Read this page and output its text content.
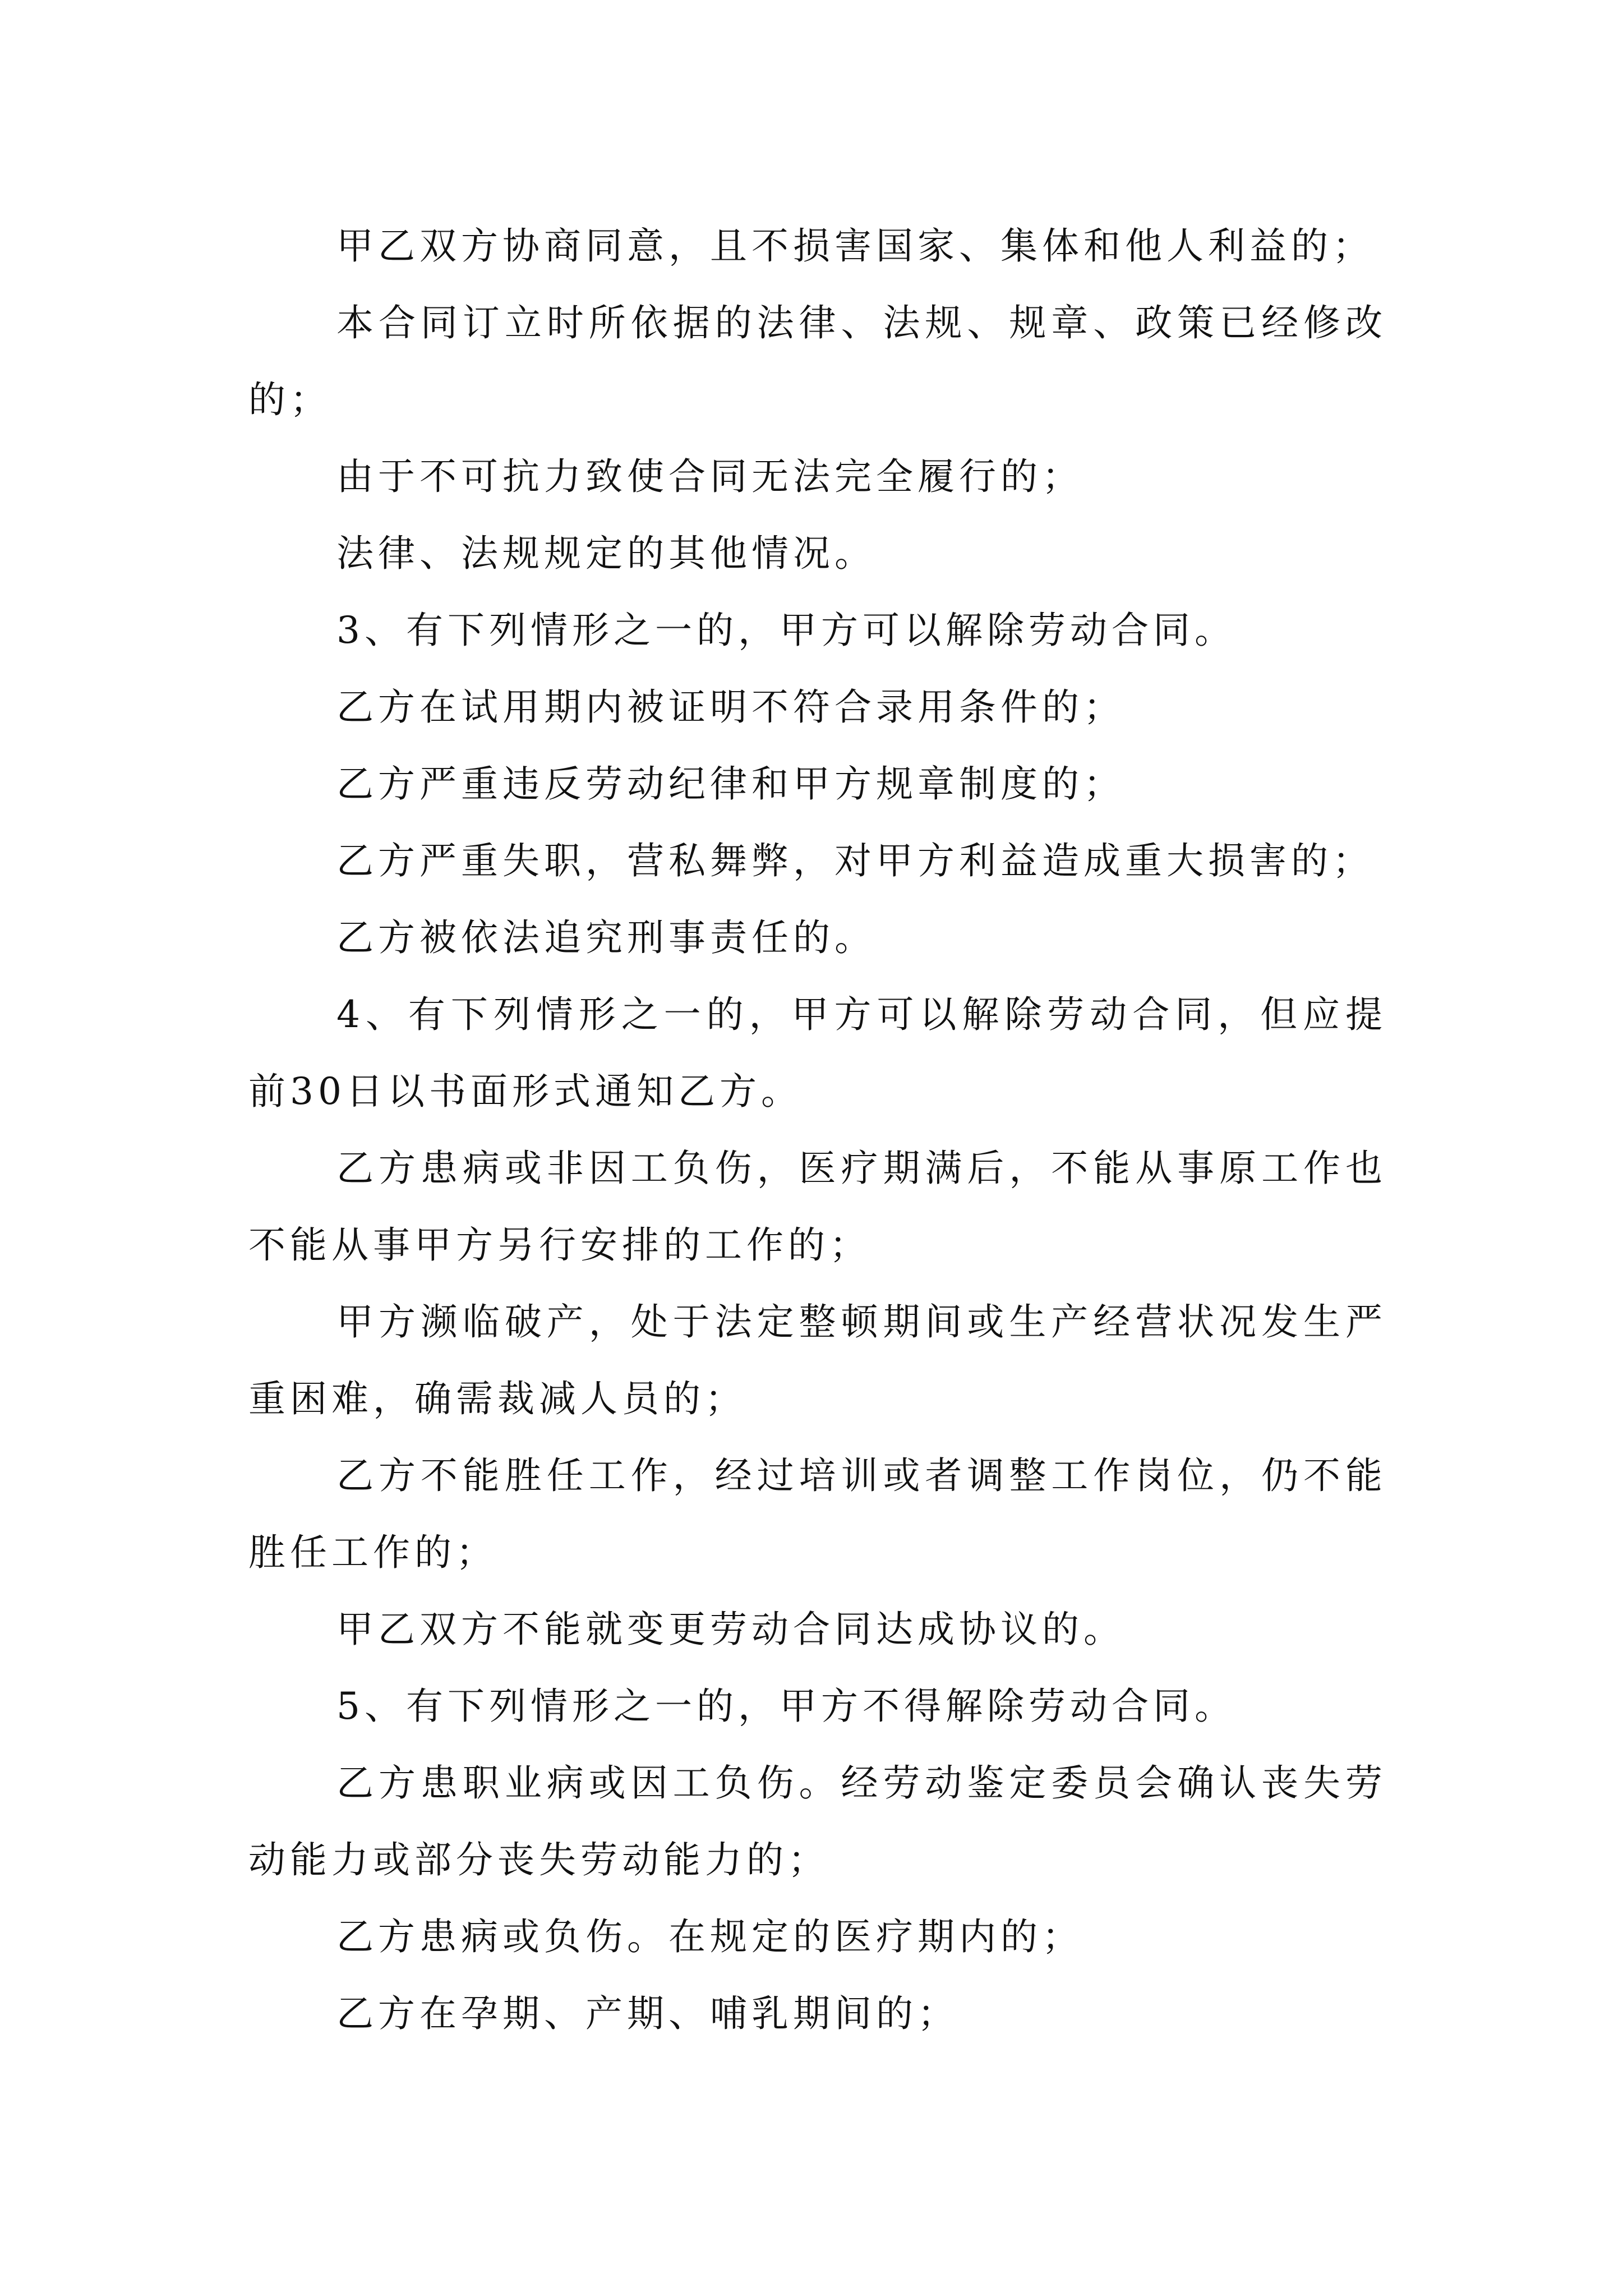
甲乙双方协商同意，且不损害国家、集体和他人利益的；

本合同订立时所依据的法律、法规、规章、政策已经修改的；

由于不可抗力致使合同无法完全履行的；

法律、法规规定的其他情况。

3、有下列情形之一的，甲方可以解除劳动合同。

乙方在试用期内被证明不符合录用条件的；

乙方严重违反劳动纪律和甲方规章制度的；

乙方严重失职，营私舞弊，对甲方利益造成重大损害的；

乙方被依法追究刑事责任的。

4、有下列情形之一的，甲方可以解除劳动合同，但应提前30日以书面形式通知乙方。

乙方患病或非因工负伤，医疗期满后，不能从事原工作也不能从事甲方另行安排的工作的；

甲方濒临破产，处于法定整顿期间或生产经营状况发生严重困难，确需裁减人员的；

乙方不能胜任工作，经过培训或者调整工作岗位，仍不能胜任工作的；

甲乙双方不能就变更劳动合同达成协议的。

5、有下列情形之一的，甲方不得解除劳动合同。

乙方患职业病或因工负伤。经劳动鉴定委员会确认丧失劳动能力或部分丧失劳动能力的；

乙方患病或负伤。在规定的医疗期内的；

乙方在孕期、产期、哺乳期间的；
